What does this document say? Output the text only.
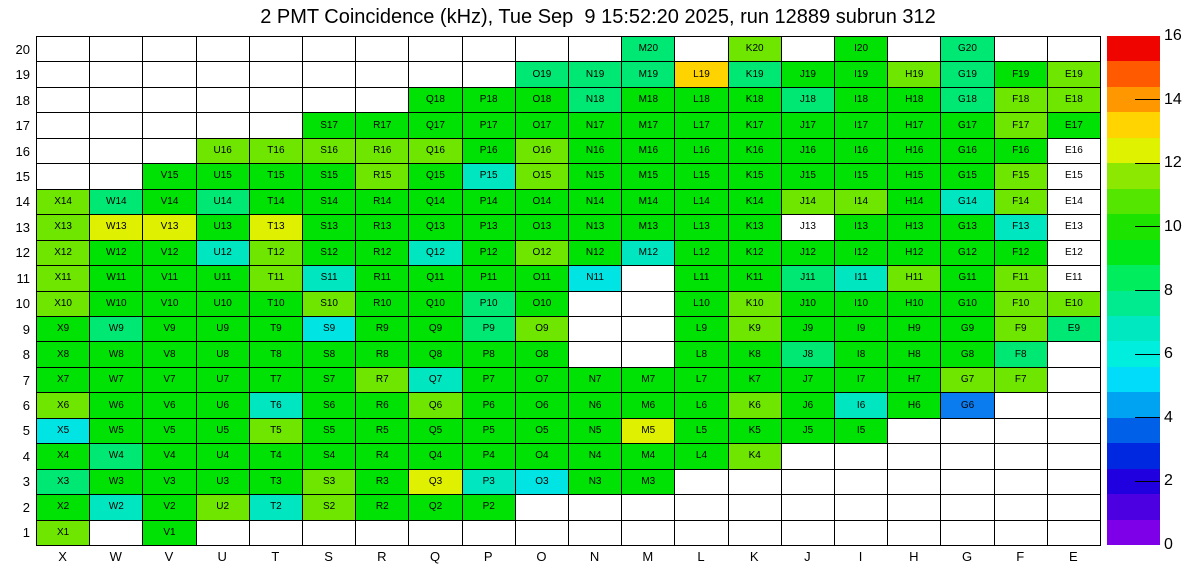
2 PMT Coincidence (kHz), Tue Sep  9 15:52:20 2025, run 12889 subrun 312
20
19
18
17
16
15
14
13
12
11
10
9
8
7
6
5
4
3
2
1
M20	K20	I20	G20
O19	N19	M19	L19	K19	J19	I19	H19	G19	F19	E19
Q18	P18	O18	N18	M18	L18	K18	J18	I18	H18	G18	F18	E18
S17	R17	Q17	P17	O17	N17	M17	L17	K17	J17	I17	H17	G17	F17	E17
U16	T16	S16	R16	Q16	P16	O16	N16	M16	L16	K16	J16	I16	H16	G16	F16	E16
V15	U15	T15	S15	R15	Q15	P15	O15	N15	M15	L15	K15	J15	I15	H15	G15	F15	E15
X14	W14	V14	U14	T14	S14	R14	Q14	P14	O14	N14	M14	L14	K14	J14	I14	H14	G14	F14	E14
X13	W13	V13	U13	T13	S13	R13	Q13	P13	O13	N13	M13	L13	K13	J13	I13	H13	G13	F13	E13
X12	W12	V12	U12	T12	S12	R12	Q12	P12	O12	N12	M12	L12	K12	J12	I12	H12	G12	F12	E12
X11	W11	V11	U11	T11	S11	R11	Q11	P11	O11	N11	L11	K11	J11	I11	H11	G11	F11	E11
X10	W10	V10	U10	T10	S10	R10	Q10	P10	O10	L10	K10	J10	I10	H10	G10	F10	E10
X9	W9	V9	U9	T9	S9	R9	Q9	P9	O9	L9	K9	J9	I9	H9	G9	F9	E9
X8	W8	V8	U8	T8	S8	R8	Q8	P8	O8	L8	K8	J8	I8	H8	G8	F8
X7	W7	V7	U7	T7	S7	R7	Q7	P7	O7	N7	M7	L7	K7	J7	I7	H7	G7	F7
X6	W6	V6	U6	T6	S6	R6	Q6	P6	O6	N6	M6	L6	K6	J6	I6	H6	G6
X5	W5	V5	U5	T5	S5	R5	Q5	P5	O5	N5	M5	L5	K5	J5	I5
X4	W4	V4	U4	T4	S4	R4	Q4	P4	O4	N4	M4	L4	K4
X3	W3	V3	U3	T3	S3	R3	Q3	P3	O3	N3	M3
X2	W2	V2	U2	T2	S2	R2	Q2	P2
X1	V1
X	W	V	U	T	S	R	Q	P	O	N	M	L	K	J	I	H	G	F	E
0
2
4
6
8
10
12
14
16
